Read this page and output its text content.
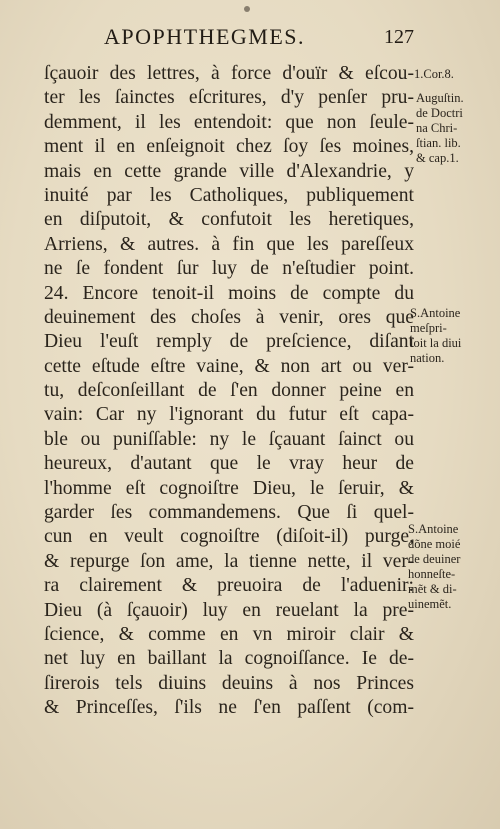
APOPHTHEGMES.	127
ſçauoir des lettres, à force d'ouïr & eſcou-
ter les ſainctes eſcritures, d'y penſer pru-
demment, il les entendoit: que non ſeule-
ment il en enſeignoit chez ſoy ſes moines,
mais en cette grande ville d'Alexandrie, y
inuité par les Catholiques, publiquement
en diſputoit, & confutoit les heretiques,
Arriens, & autres. à fin que les pareſſeux
ne ſe fondent ſur luy de n'eſtudier point.
24. Encore tenoit-il moins de compte du
deuinement des choſes à venir, ores que
Dieu l'euſt remply de preſcience, diſant
cette eſtude eſtre vaine, & non art ou ver-
tu, deſconſeillant de ſ'en donner peine en
vain: Car ny l'ignorant du futur eſt capa-
ble ou puniſſable: ny le ſçauant ſainct ou
heureux, d'autant que le vray heur de
l'homme eſt cognoiſtre Dieu, le ſeruir, &
garder ſes commandemens. Que ſi quel-
cun en veult cognoiſtre (diſoit-il) purge,
& repurge ſon ame, la tienne nette, il ver-
ra clairement & preuoira de l'aduenir:
Dieu (à ſçauoir) luy en reuelant la pre-
ſcience, & comme en vn miroir clair &
net luy en baillant la cognoiſſance. Ie de-
ſirerois tels diuins deuins à nos Princes
& Princeſſes, ſ'ils ne ſ'en paſſent (com-
1.Cor.8.
Auguſtin.
de Doctri
na Chri-
ſtian. lib.
& cap.1.
S.Antoine
meſpri-
ſoit la diui
nation.
S.Antoine
dõne moié
de deuiner
honneſte-
mẽt & di-
uinemẽt.
